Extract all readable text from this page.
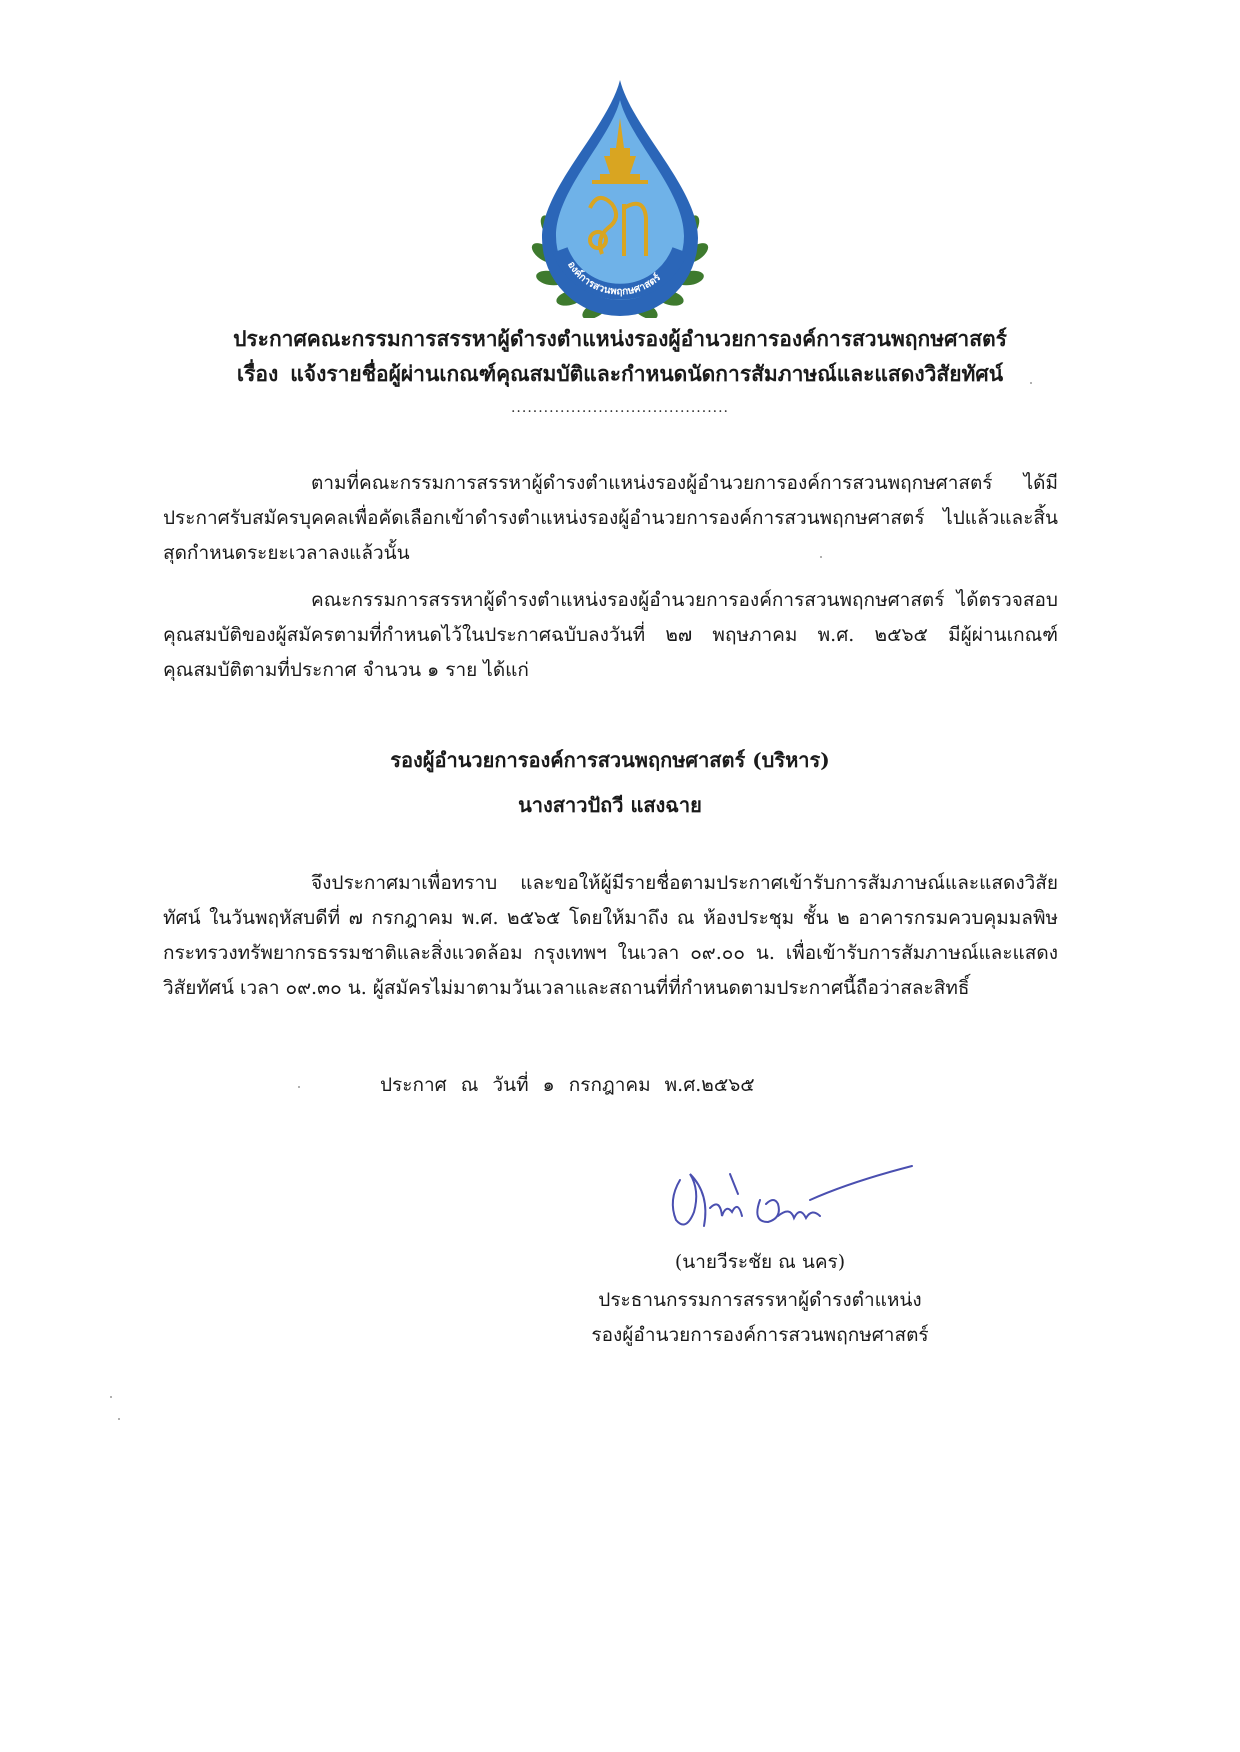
องค์การสวนพฤกษศาสตร์
ประกาศคณะกรรมการสรรหาผู้ดำรงตำแหน่งรองผู้อำนวยการองค์การสวนพฤกษศาสตร์
เรื่อง แจ้งรายชื่อผู้ผ่านเกณฑ์คุณสมบัติและกำหนดนัดการสัมภาษณ์และแสดงวิสัยทัศน์
........................................
ตามที่คณะกรรมการสรรหาผู้ดำรงตำแหน่งรองผู้อำนวยการองค์การสวนพฤกษศาสตร์ ได้มีประกาศรับสมัครบุคคลเพื่อคัดเลือกเข้าดำรงตำแหน่งรองผู้อำนวยการองค์การสวนพฤกษศาสตร์ ไปแล้วและสิ้นสุดกำหนดระยะเวลาลงแล้วนั้น
คณะกรรมการสรรหาผู้ดำรงตำแหน่งรองผู้อำนวยการองค์การสวนพฤกษศาสตร์ ได้ตรวจสอบคุณสมบัติของผู้สมัครตามที่กำหนดไว้ในประกาศฉบับลงวันที่ ๒๗ พฤษภาคม พ.ศ. ๒๕๖๕ มีผู้ผ่านเกณฑ์คุณสมบัติตามที่ประกาศ จำนวน ๑ ราย ได้แก่
รองผู้อำนวยการองค์การสวนพฤกษศาสตร์ (บริหาร)
นางสาวปัถวี แสงฉาย
จึงประกาศมาเพื่อทราบ และขอให้ผู้มีรายชื่อตามประกาศเข้ารับการสัมภาษณ์และแสดงวิสัยทัศน์ ในวันพฤหัสบดีที่ ๗ กรกฎาคม พ.ศ. ๒๕๖๕ โดยให้มาถึง ณ ห้องประชุม ชั้น ๒ อาคารกรมควบคุมมลพิษ กระทรวงทรัพยากรธรรมชาติและสิ่งแวดล้อม กรุงเทพฯ ในเวลา ๐๙.๐๐ น. เพื่อเข้ารับการสัมภาษณ์และแสดงวิสัยทัศน์ เวลา ๐๙.๓๐ น. ผู้สมัครไม่มาตามวันเวลาและสถานที่ที่กำหนดตามประกาศนี้ถือว่าสละสิทธิ์
ประกาศ ณ วันที่ ๑ กรกฎาคม พ.ศ.๒๕๖๕
(นายวีระชัย ณ นคร)
ประธานกรรมการสรรหาผู้ดำรงตำแหน่ง
รองผู้อำนวยการองค์การสวนพฤกษศาสตร์
